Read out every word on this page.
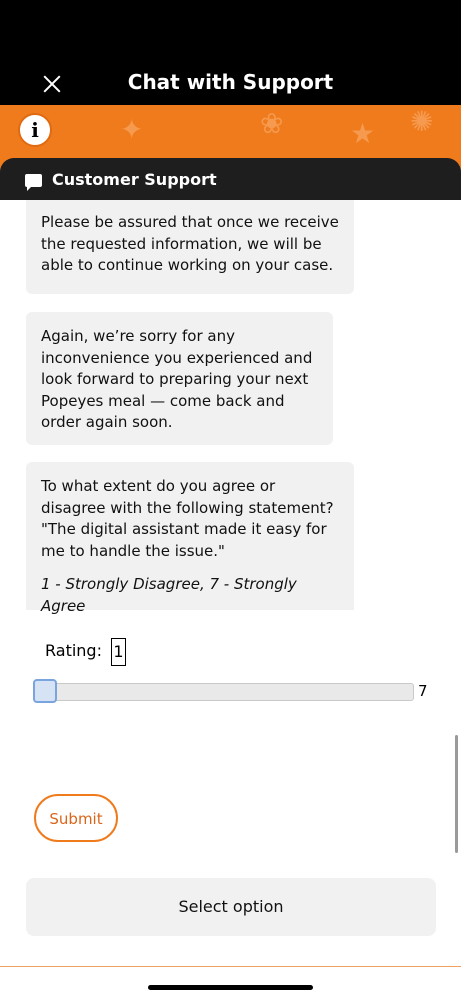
Chat with Support
✦	❀ ★ ✺
i
Customer Support
Please be assured that once we receive the requested information, we will be able to continue working on your case.
Again, we’re sorry for any inconvenience you experienced and look forward to preparing your next Popeyes meal — come back and order again soon.
To what extent do you agree or disagree with the following statement? "The digital assistant made it easy for me to handle the issue."
1 - Strongly Disagree, 7 - Strongly Agree
Rating: 1
7
Submit
Select option
